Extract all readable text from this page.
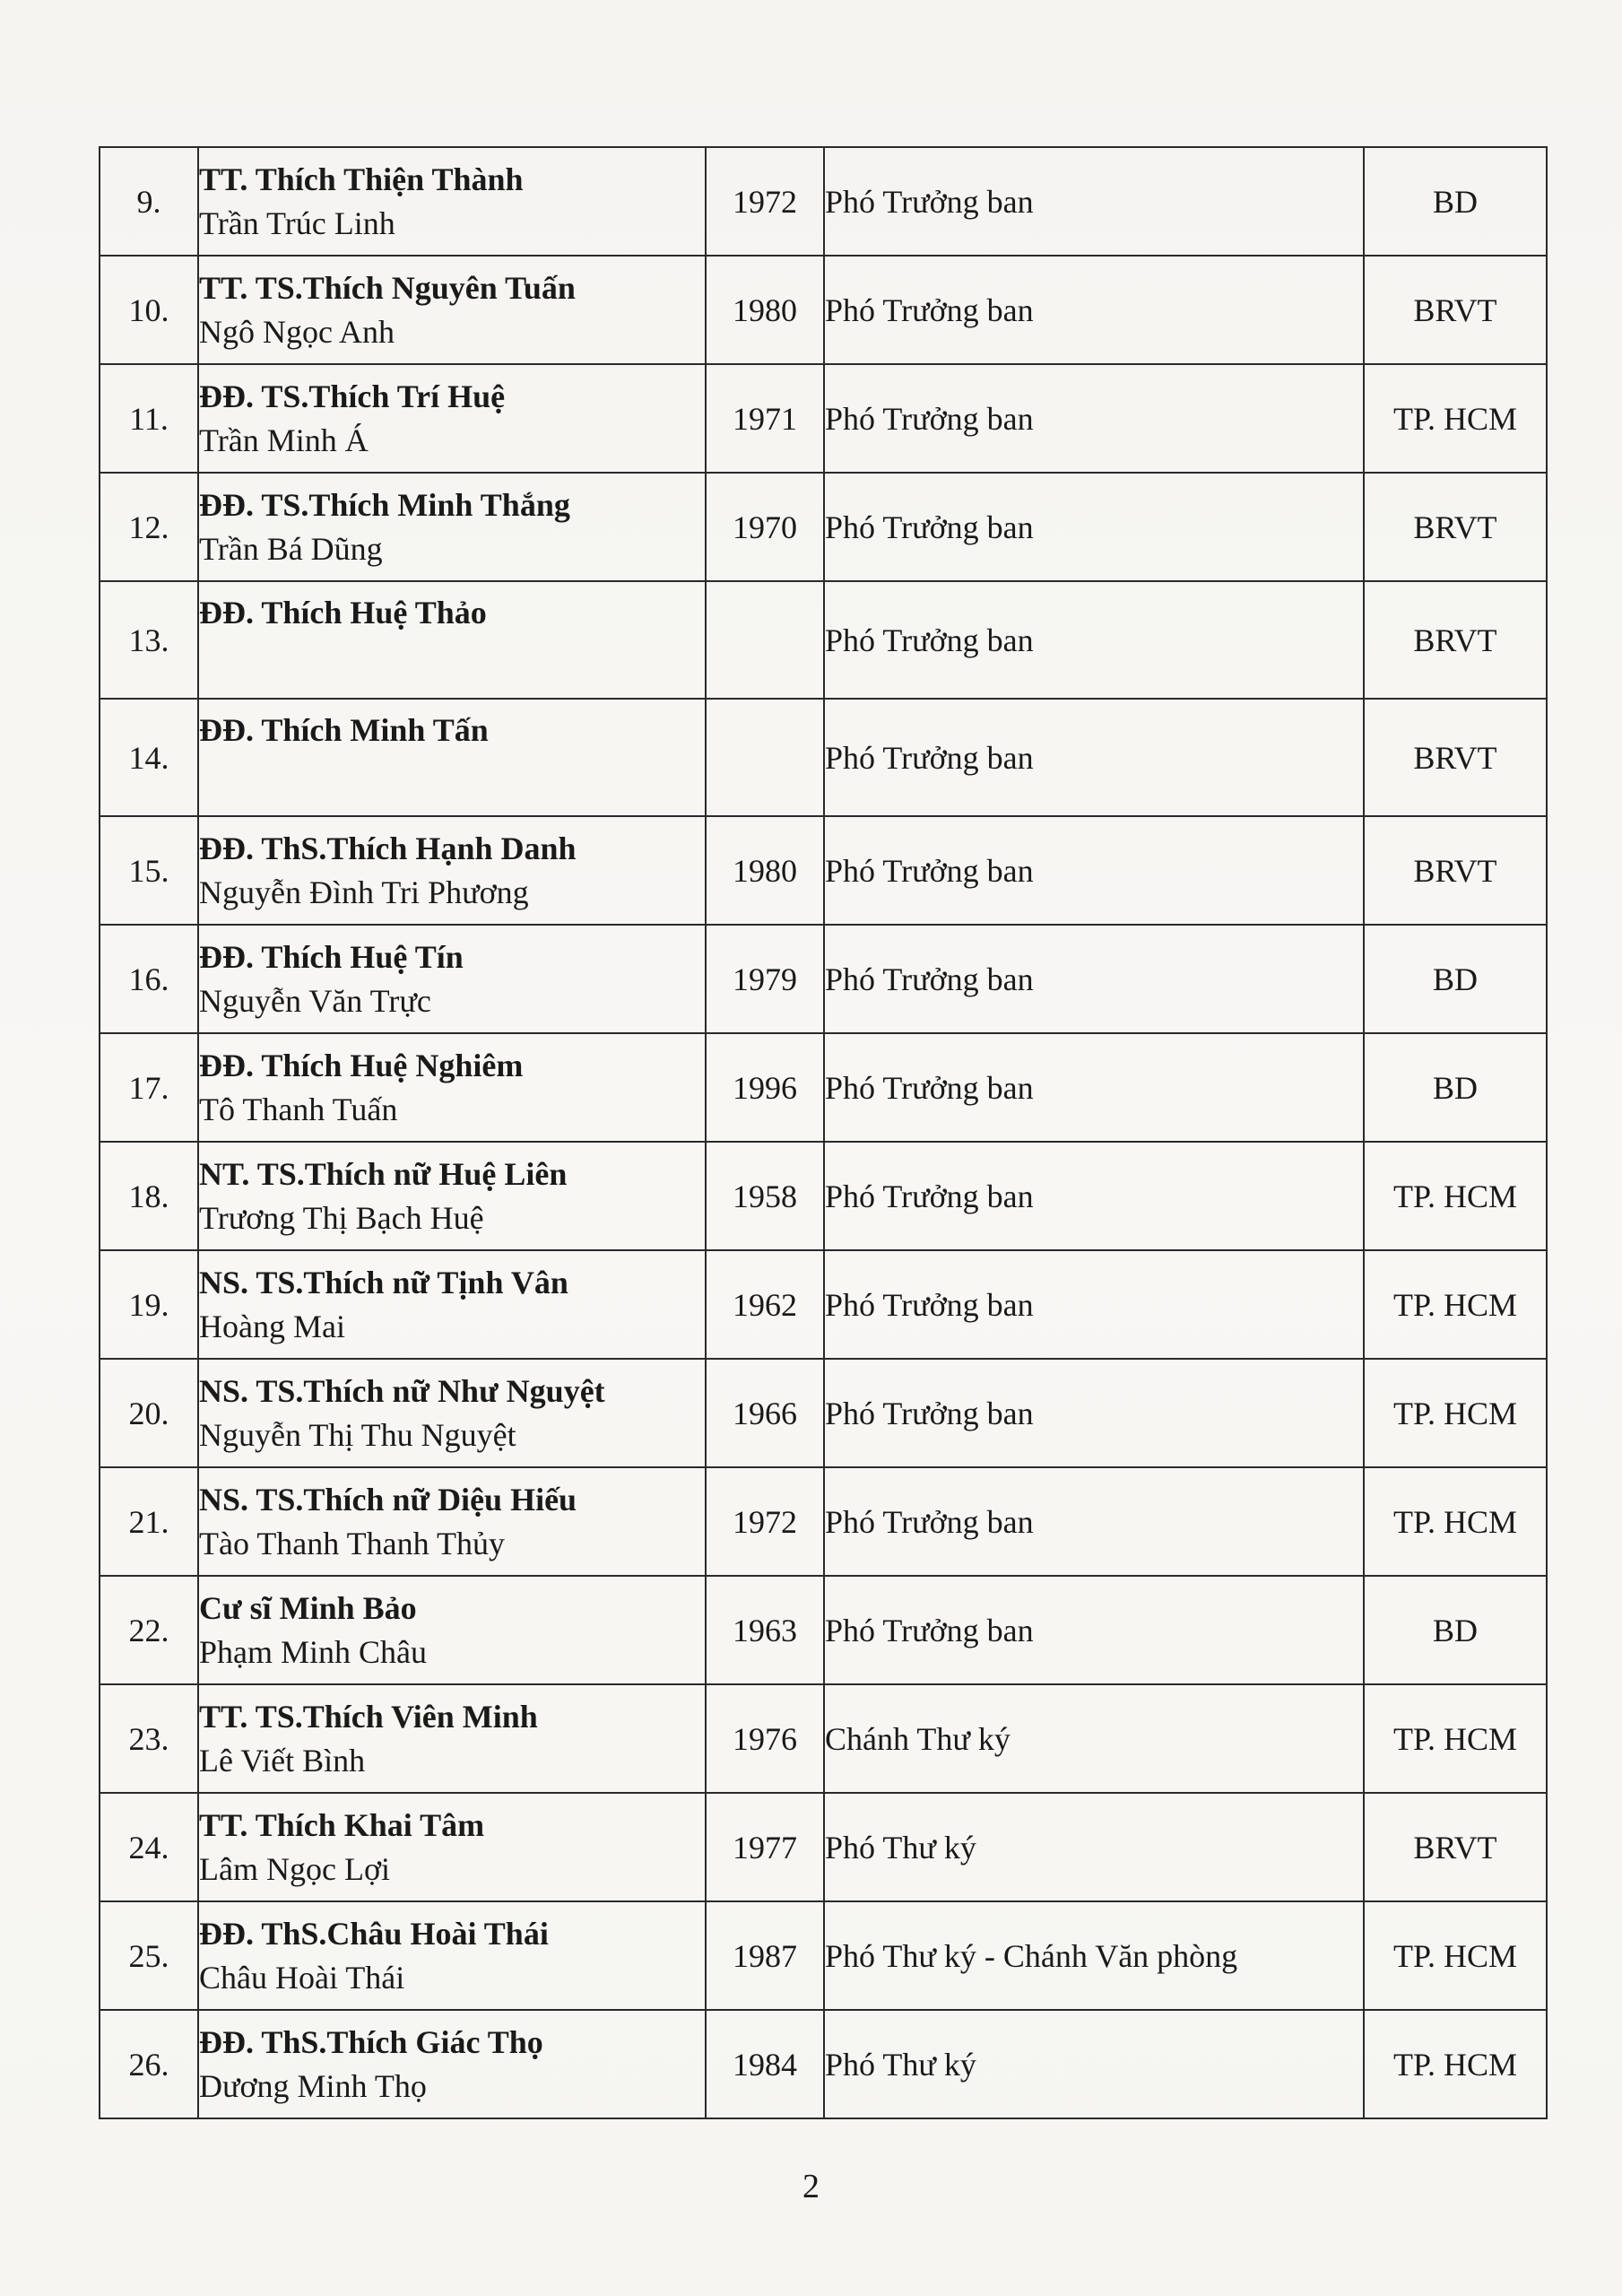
9.	TT. Thích Thiện Thành
Trần Trúc Linh	1972	Phó Trưởng ban	BD
10.	TT. TS.Thích Nguyên Tuấn
Ngô Ngọc Anh	1980	Phó Trưởng ban	BRVT
11.	ĐĐ. TS.Thích Trí Huệ
Trần Minh Á	1971	Phó Trưởng ban	TP. HCM
12.	ĐĐ. TS.Thích Minh Thắng
Trần Bá Dũng	1970	Phó Trưởng ban	BRVT
13.	ĐĐ. Thích Huệ Thảo		Phó Trưởng ban	BRVT
14.	ĐĐ. Thích Minh Tấn		Phó Trưởng ban	BRVT
15.	ĐĐ. ThS.Thích Hạnh Danh
Nguyễn Đình Tri Phương	1980	Phó Trưởng ban	BRVT
16.	ĐĐ. Thích Huệ Tín
Nguyễn Văn Trực	1979	Phó Trưởng ban	BD
17.	ĐĐ. Thích Huệ Nghiêm
Tô Thanh Tuấn	1996	Phó Trưởng ban	BD
18.	NT. TS.Thích nữ Huệ Liên
Trương Thị Bạch Huệ	1958	Phó Trưởng ban	TP. HCM
19.	NS. TS.Thích nữ Tịnh Vân
Hoàng Mai	1962	Phó Trưởng ban	TP. HCM
20.	NS. TS.Thích nữ Như Nguyệt
Nguyễn Thị Thu Nguyệt	1966	Phó Trưởng ban	TP. HCM
21.	NS. TS.Thích nữ Diệu Hiếu
Tào Thanh Thanh Thủy	1972	Phó Trưởng ban	TP. HCM
22.	Cư sĩ Minh Bảo
Phạm Minh Châu	1963	Phó Trưởng ban	BD
23.	TT. TS.Thích Viên Minh
Lê Viết Bình	1976	Chánh Thư ký	TP. HCM
24.	TT. Thích Khai Tâm
Lâm Ngọc Lợi	1977	Phó Thư ký	BRVT
25.	ĐĐ. ThS.Châu Hoài Thái
Châu Hoài Thái	1987	Phó Thư ký - Chánh Văn phòng	TP. HCM
26.	ĐĐ. ThS.Thích Giác Thọ
Dương Minh Thọ	1984	Phó Thư ký	TP. HCM
2
